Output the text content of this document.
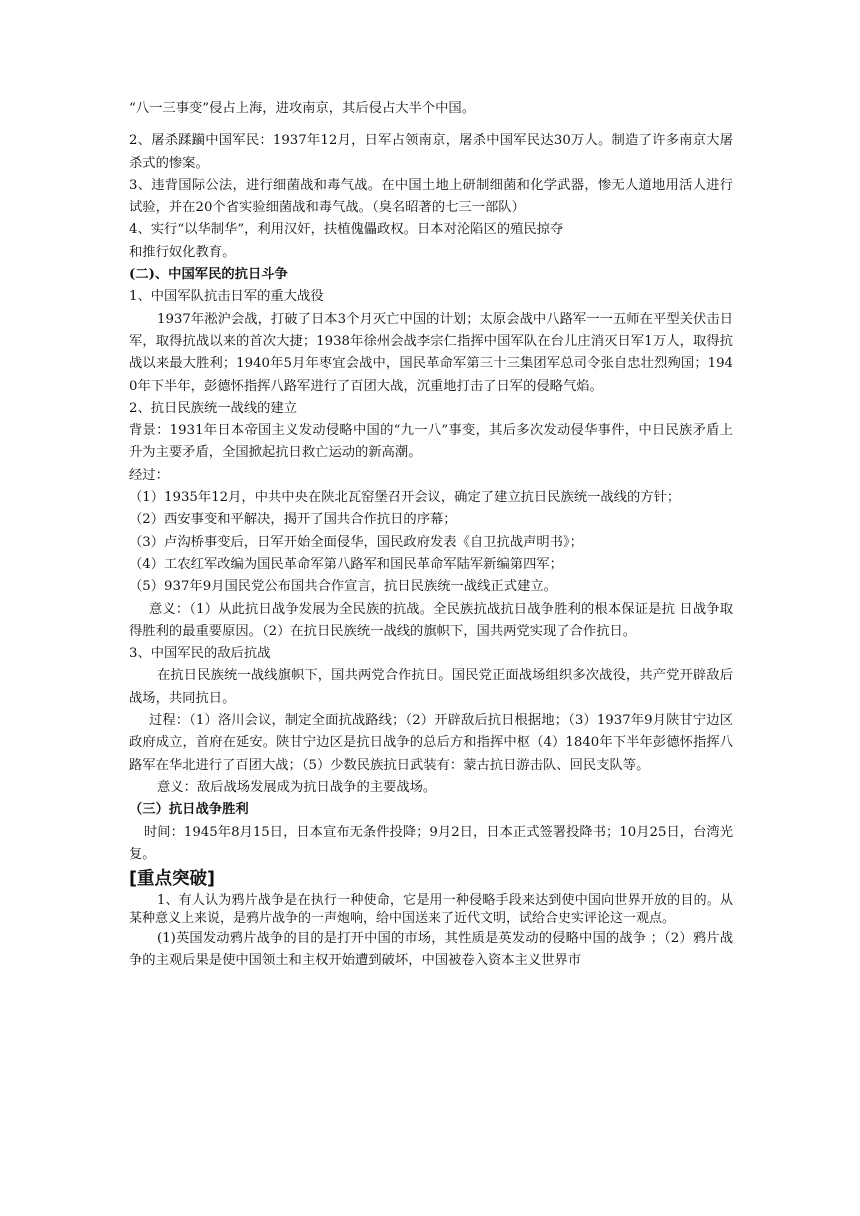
“八一三事变”侵占上海，进攻南京，其后侵占大半个中国。

2、屠杀蹂躏中国军民：1937年12月，日军占领南京，屠杀中国军民达30万人。制造了许多南京大屠杀式的惨案。

3、违背国际公法，进行细菌战和毒气战。在中国土地上研制细菌和化学武器，惨无人道地用活人进行试验，并在20个省实验细菌战和毒气战。（臭名昭著的七三一部队）

4、实行“以华制华”，利用汉奸，扶植傀儡政权。日本对沦陷区的殖民掠夺

和推行奴化教育。

(二)、中国军民的抗日斗争

1、中国军队抗击日军的重大战役

1937年淞沪会战，打破了日本3个月灭亡中国的计划；太原会战中八路军一一五师在平型关伏击日军，取得抗战以来的首次大捷；1938年徐州会战李宗仁指挥中国军队在台儿庄消灭日军1万人，取得抗战以来最大胜利；1940年5月年枣宜会战中，国民革命军第三十三集团军总司令张自忠壮烈殉国；1940年下半年，彭德怀指挥八路军进行了百团大战，沉重地打击了日军的侵略气焰。

2、抗日民族统一战线的建立

背景：1931年日本帝国主义发动侵略中国的“九一八”事变，其后多次发动侵华事件，中日民族矛盾上升为主要矛盾，全国掀起抗日救亡运动的新高潮。

经过：

（1）1935年12月，中共中央在陕北瓦窑堡召开会议，确定了建立抗日民族统一战线的方针；

（2）西安事变和平解决，揭开了国共合作抗日的序幕；

（3）卢沟桥事变后，日军开始全面侵华，国民政府发表《自卫抗战声明书》；

（4）工农红军改编为国民革命军第八路军和国民革命军陆军新编第四军；

（5）937年9月国民党公布国共合作宣言，抗日民族统一战线正式建立。

意义：（1）从此抗日战争发展为全民族的抗战。全民族抗战抗日战争胜利的根本保证是抗 日战争取得胜利的最重要原因。（2）在抗日民族统一战线的旗帜下，国共两党实现了合作抗日。

3、中国军民的敌后抗战

在抗日民族统一战线旗帜下，国共两党合作抗日。国民党正面战场组织多次战役，共产党开辟敌后战场，共同抗日。

过程：（1）洛川会议，制定全面抗战路线；（2）开辟敌后抗日根据地；（3）1937年9月陕甘宁边区政府成立，首府在延安。陕甘宁边区是抗日战争的总后方和指挥中枢（4）1840年下半年彭德怀指挥八路军在华北进行了百团大战；（5）少数民族抗日武装有：蒙古抗日游击队、回民支队等。

意义：敌后战场发展成为抗日战争的主要战场。

（三）抗日战争胜利

时间：1945年8月15日，日本宣布无条件投降；9月2日，日本正式签署投降书；10月25日，台湾光复。

[重点突破]

1、有人认为鸦片战争是在执行一种使命，它是用一种侵略手段来达到使中国向世界开放的目的。从某种意义上来说，是鸦片战争的一声炮响，给中国送来了近代文明，试给合史实评论这一观点。

(1)英国发动鸦片战争的目的是打开中国的市场，其性质是英发动的侵略中国的战争 ；（2）鸦片战争的主观后果是使中国领土和主权开始遭到破坏，中国被卷入资本主义世界市
